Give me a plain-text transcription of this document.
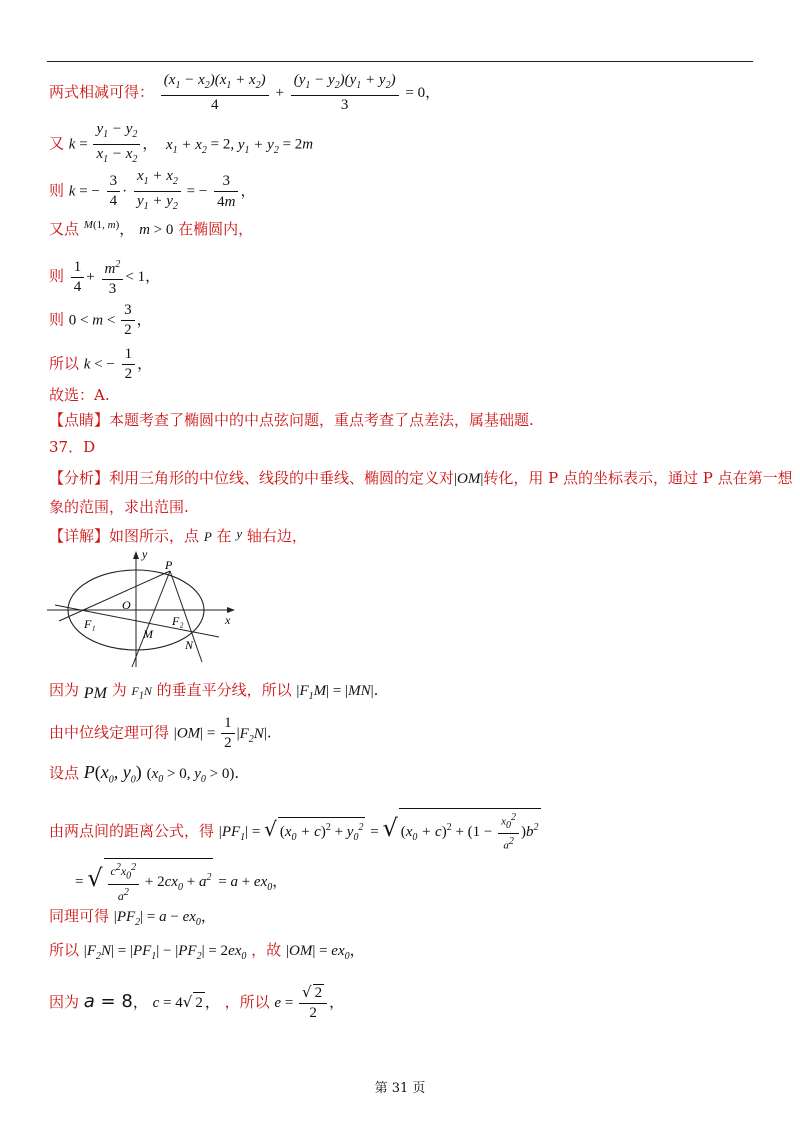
两式相减可得： $\frac{(x_1 - x_2)(x_1 + x_2)}{4} + \frac{(y_1 - y_2)(y_1 + y_2)}{3} = 0$，
又 $k = \frac{y_1 - y_2}{x_1 - x_2}$ ，  $x_1 + x_2 = 2$, $y_1 + y_2 = 2m$
则 k = − $\frac{3}{4} \cdot \frac{x_1 + x_2}{y_1 + y_2}$ = − $\frac{3}{4m}$ ，
又点 $^{M(1,}$ $^{m)}$， m > 0 在椭圆内，
则 $\frac{1}{4} + \frac{m^2}{3} < 1$，
则 $0 < m < \frac{3}{2}$ ，
所以 k < − $\frac{1}{2}$ ，
故选：A.
【点睛】本题考查了椭圆中的中点弦问题，重点考查了点差法，属基础题.
37．D
【分析】利用三角形的中位线、线段的中垂线、椭圆的定义对|OM|转化，用 P 点的坐标表示，通过 P 点在第一想
象的范围，求出范围.
【详解】如图所示，点 P 在 y 轴右边，
y
x
O
P
F₁	F₂
M
N
因为 PM 为 $F_1N$ 的垂直平分线，所以 $|F_1M| = |MN|$.
由中位线定理可得 $|OM| = \frac{1}{2} |F_2N|$.
设点 $P(x_0$, $y_0$) ($x_0 > 0$, $y_0 > 0$).
由两点间的距离公式，得 $|PF_1|$ = √ $(x_0 + c)^2 + y_0^2$ = √ $(x_0 + c)^2 + (1 - \frac{x_0^2}{a^2} )b^2$
= √ $\frac{c^2x_0^2}{a^2} + 2cx_0 + a^2 = a + ex_0$，
同理可得 $|PF_2| = a - ex_0$，
所以 $|F_2N| = |PF_1| - |PF_2| = 2ex_0$ ，故 $|OM| = ex_0$，
因为 a = 8， c = 4√ 2 ， ，所以 $e = \frac{√ 2}{2}$ ，
第 31 页
